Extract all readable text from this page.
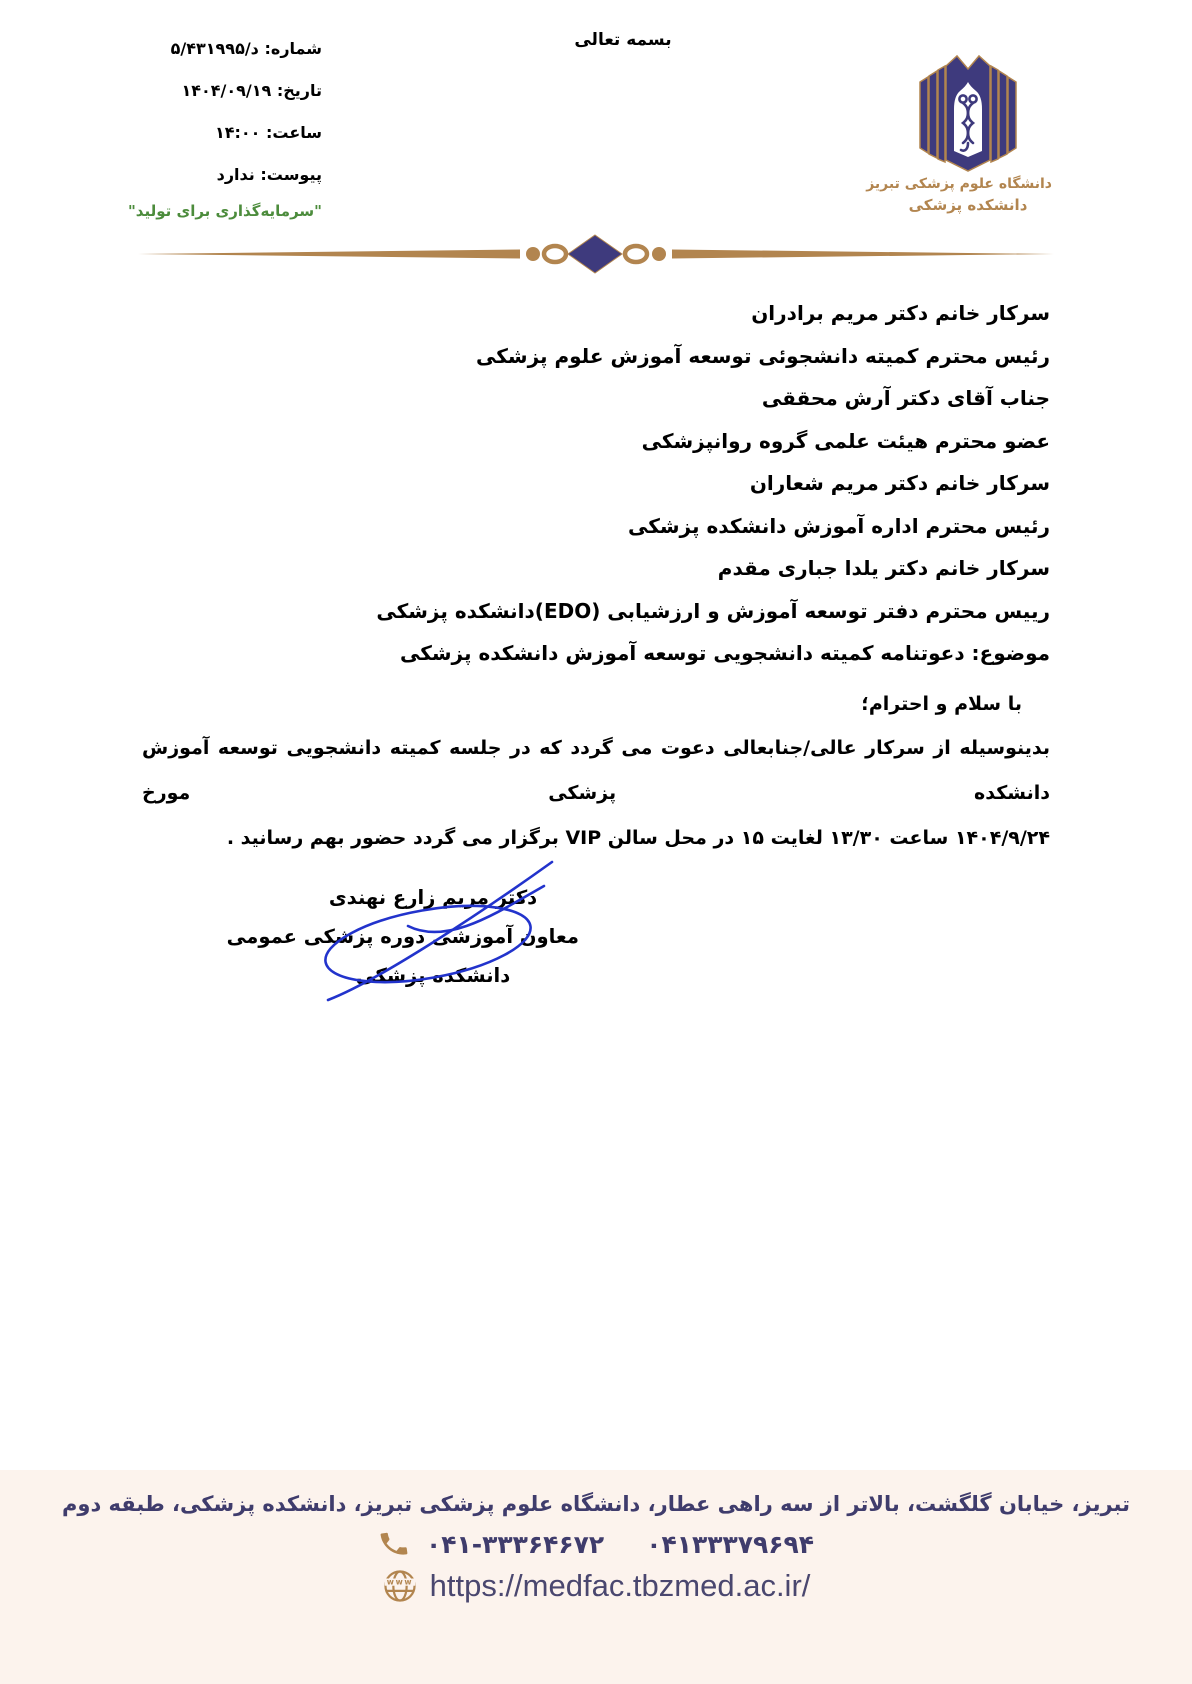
شماره: ۵/د/۴۳۱۹۹۵
تاریخ: ۱۴۰۴/۰۹/۱۹
ساعت: ۱۴:۰۰
پیوست: ندارد
"سرمایه‌گذاری برای تولید"
بسمه تعالی
دانشگاه علوم پزشکی تبریز
دانشکده پزشکی
سرکار خانم دکتر مریم برادران
رئیس محترم کمیته دانشجوئی توسعه آموزش علوم پزشکی
جناب آقای دکتر آرش محققی
عضو محترم هیئت علمی گروه روانپزشکی
سرکار خانم دکتر مریم شعاران
رئیس محترم اداره آموزش دانشکده پزشکی
سرکار خانم دکتر یلدا جباری مقدم
رییس محترم دفتر توسعه آموزش و ارزشیابی (EDO)دانشکده پزشکی
موضوع: دعوتنامه کمیته دانشجویی توسعه آموزش دانشکده پزشکی
با سلام و احترام؛
بدینوسیله از سرکار عالی/جنابعالی دعوت می گردد که در جلسه کمیته دانشجویی توسعه آموزش دانشکده پزشکی مورخ
۱۴۰۴/۹/۲۴ ساعت ۱۳/۳۰ لغایت ۱۵ در محل سالن VIP برگزار می گردد حضور بهم رسانید .
دکتر مریم زارع نهندی
معاون آموزشی دوره پزشکی عمومی
دانشکده پزشکی
تبریز، خیابان گلگشت، بالاتر از سه راهی عطار، دانشگاه علوم پزشکی تبریز، دانشکده پزشکی، طبقه دوم
۰۴۱-۳۳۳۶۴۶۷۲ ۰۴۱۳۳۳۷۹۶۹۴
www https://medfac.tbzmed.ac.ir/
